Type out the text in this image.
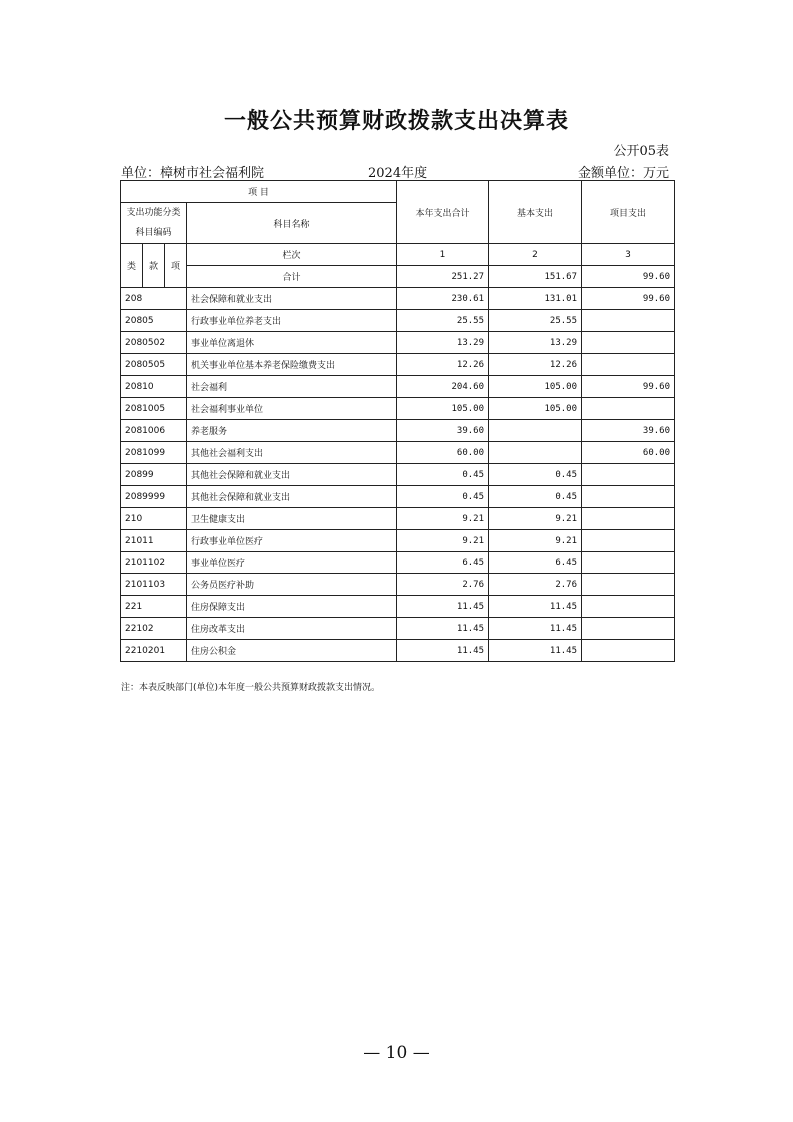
一般公共预算财政拨款支出决算表
公开05表
单位：樟树市社会福利院	2024年度	金额单位：万元
项 目				本年支出合计	基本支出	项目支出
支出功能分类科目编码			科目名称			

类	款	项	栏次	1	2	3
			合计	251.27	151.67	99.60
208			社会保障和就业支出	230.61	131.01	99.60
20805			行政事业单位养老支出	25.55	25.55	
2080502			事业单位离退休	13.29	13.29	
2080505			机关事业单位基本养老保险缴费支出	12.26	12.26	
20810			社会福利	204.60	105.00	99.60
2081005			社会福利事业单位	105.00	105.00	
2081006			养老服务	39.60		39.60
2081099			其他社会福利支出	60.00		60.00
20899			其他社会保障和就业支出	0.45	0.45	
2089999			其他社会保障和就业支出	0.45	0.45	
210			卫生健康支出	9.21	9.21	
21011			行政事业单位医疗	9.21	9.21	
2101102			事业单位医疗	6.45	6.45	
2101103			公务员医疗补助	2.76	2.76	
221			住房保障支出	11.45	11.45	
22102			住房改革支出	11.45	11.45	
2210201			住房公积金	11.45	11.45	
注：本表反映部门(单位)本年度一般公共预算财政拨款支出情况。
— 10 —
